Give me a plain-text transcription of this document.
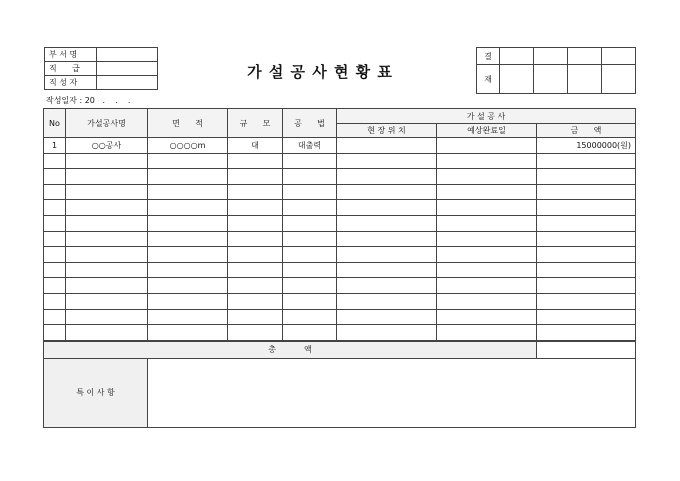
부 서 명	
직      급	
직 성 자	
가 설 공 사 현 황 표
결				
재				
작성일자 : 20   .    .    .
No	가설공사명	면      적	규      모	공      법	가 설 공 사		
					현 장 위 치	예상완료일	금      액
1	○○공사	○○○○m	대	대출력			15000000(원)

총           액							
특 이 사 항							
